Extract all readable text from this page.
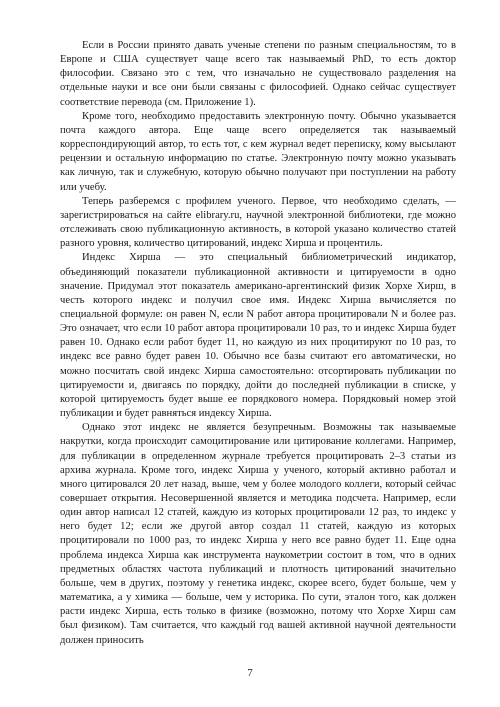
Если в России принято давать ученые степени по разным специальностям, то в Европе и США существует чаще всего так называемый PhD, то есть доктор философии. Связано это с тем, что изначально не существовало разделения на отдельные науки и все они были связаны с философией. Однако сейчас существует соответствие перевода (см. Приложение 1).

Кроме того, необходимо предоставить электронную почту. Обычно указывается почта каждого автора. Еще чаще всего определяется так называемый корреспондирующий автор, то есть тот, с кем журнал ведет переписку, кому высылают рецензии и остальную информацию по статье. Электронную почту можно указывать как личную, так и служебную, которую обычно получают при поступлении на работу или учебу.

Теперь разберемся с профилем ученого. Первое, что необходимо сделать, — зарегистрироваться на сайте elibrary.ru, научной электронной библиотеки, где можно отслеживать свою публикационную активность, в которой указано количество статей разного уровня, количество цитирований, индекс Хирша и процентиль.

Индекс Хирша — это специальный библиометрический индикатор, объединяющий показатели публикационной активности и цитируемости в одно значение. Придумал этот показатель американо-аргентинский физик Хорхе Хирш, в честь которого индекс и получил свое имя. Индекс Хирша вычисляется по специальной формуле: он равен N, если N работ автора процитировали N и более раз. Это означает, что если 10 работ автора процитировали 10 раз, то и индекс Хирша будет равен 10. Однако если работ будет 11, но каждую из них процитируют по 10 раз, то индекс все равно будет равен 10. Обычно все базы считают его автоматически, но можно посчитать свой индекс Хирша самостоятельно: отсортировать публикации по цитируемости и, двигаясь по порядку, дойти до последней публикации в списке, у которой цитируемость будет выше ее порядкового номера. Порядковый номер этой публикации и будет равняться индексу Хирша.

Однако этот индекс не является безупречным. Возможны так называемые накрутки, когда происходит самоцитирование или цитирование коллегами. Например, для публикации в определенном журнале требуется процитировать 2–3 статьи из архива журнала. Кроме того, индекс Хирша у ученого, который активно работал и много цитировался 20 лет назад, выше, чем у более молодого коллеги, который сейчас совершает открытия. Несовершенной является и методика подсчета. Например, если один автор написал 12 статей, каждую из которых процитировали 12 раз, то индекс у него будет 12; если же другой автор создал 11 статей, каждую из которых процитировали по 1000 раз, то индекс Хирша у него все равно будет 11. Еще одна проблема индекса Хирша как инструмента наукометрии состоит в том, что в одних предметных областях частота публикаций и плотность цитирований значительно больше, чем в других, поэтому у генетика индекс, скорее всего, будет больше, чем у математика, а у химика — больше, чем у историка. По сути, эталон того, как должен расти индекс Хирша, есть только в физике (возможно, потому что Хорхе Хирш сам был физиком). Там считается, что каждый год вашей активной научной деятельности должен приносить

7
